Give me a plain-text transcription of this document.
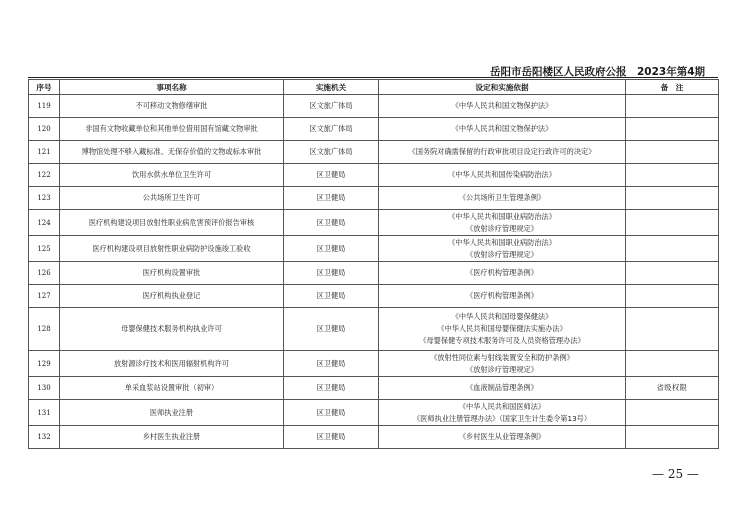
岳阳市岳阳楼区人民政府公报　2023年第4期
序号	事项名称	实施机关	设定和实施依据	备　注
119	不可移动文物修缮审批	区文旅广体局	《中华人民共和国文物保护法》	

120	非国有文物收藏单位和其他单位借用国有馆藏文物审批	区文旅广体局	《中华人民共和国文物保护法》	

121	博物馆处理不够入藏标准、无保存价值的文物或标本审批	区文旅广体局	《国务院对确需保留的行政审批项目设定行政许可的决定》	

122	饮用水供水单位卫生许可	区卫健局	《中华人民共和国传染病防治法》	

123	公共场所卫生许可	区卫健局	《公共场所卫生管理条例》	

124	医疗机构建设项目放射性职业病危害预评价报告审核	区卫健局	《中华人民共和国职业病防治法》
《放射诊疗管理规定》	

125	医疗机构建设项目放射性职业病防护设施竣工验收	区卫健局	《中华人民共和国职业病防治法》
《放射诊疗管理规定》	

126	医疗机构设置审批	区卫健局	《医疗机构管理条例》	

127	医疗机构执业登记	区卫健局	《医疗机构管理条例》	

128	母婴保健技术服务机构执业许可	区卫健局	《中华人民共和国母婴保健法》
《中华人民共和国母婴保健法实施办法》
《母婴保健专项技术服务许可及人员资格管理办法》	

129	放射源诊疗技术和医用辐射机构许可	区卫健局	《放射性同位素与射线装置安全和防护条例》
《放射诊疗管理规定》	

130	单采血浆站设置审批（初审）	区卫健局	《血液制品管理条例》	省级权限
131	医师执业注册	区卫健局	《中华人民共和国医师法》
《医师执业注册管理办法》（国家卫生计生委令第13号）	

132	乡村医生执业注册	区卫健局	《乡村医生从业管理条例》	

— 25 —
